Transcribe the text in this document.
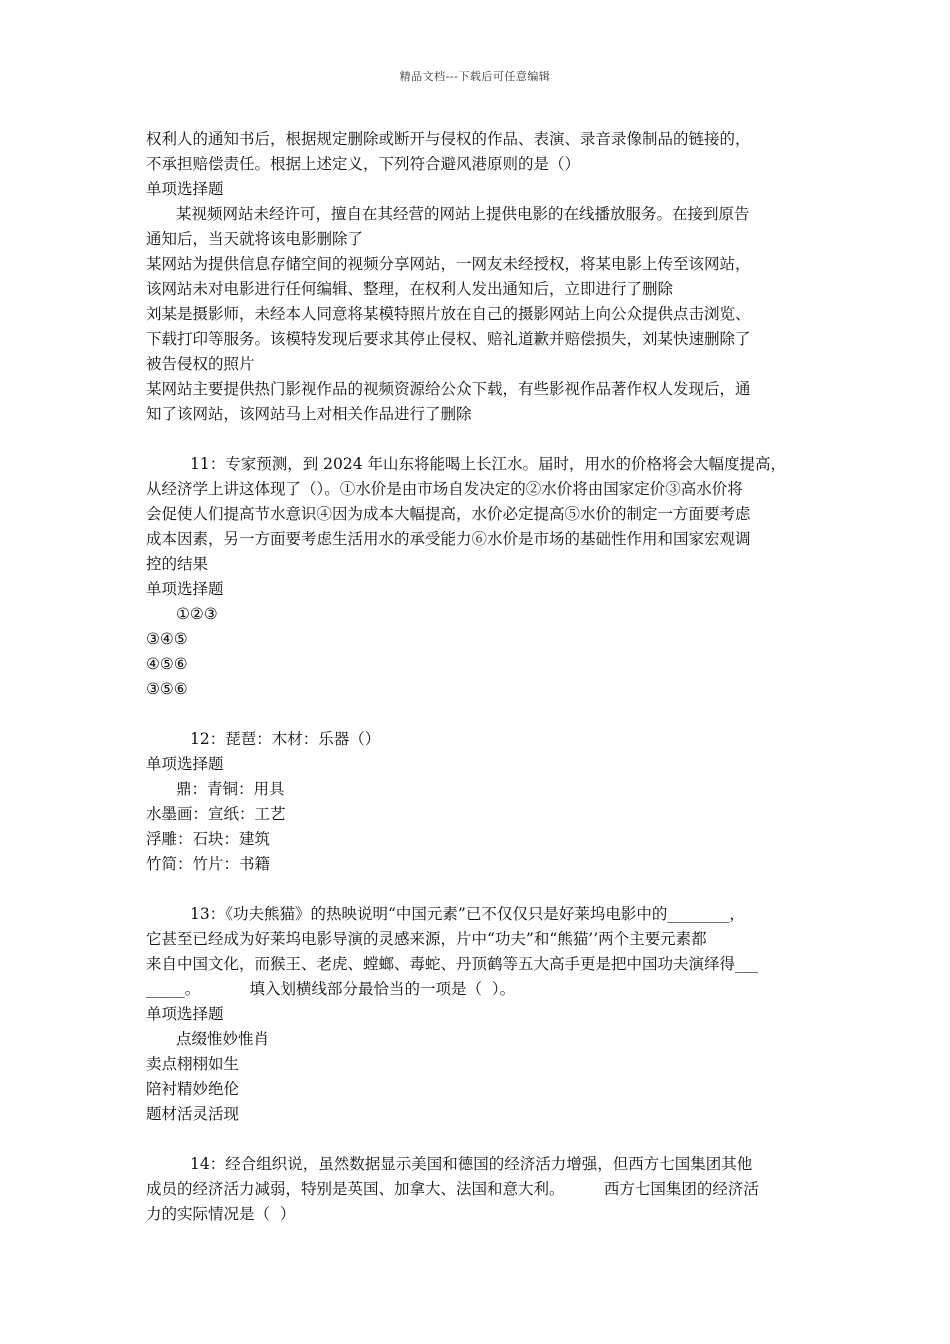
精品文档---下载后可任意编辑
权利人的通知书后，根据规定删除或断开与侵权的作品、表演、录音录像制品的链接的，
不承担赔偿责任。根据上述定义，下列符合避风港原则的是（）
单项选择题
某视频网站未经许可，擅自在其经营的网站上提供电影的在线播放服务。在接到原告
通知后，当天就将该电影删除了
某网站为提供信息存储空间的视频分享网站，一网友未经授权，将某电影上传至该网站，
该网站未对电影进行任何编辑、整理，在权利人发出通知后，立即进行了删除
刘某是摄影师，未经本人同意将某模特照片放在自己的摄影网站上向公众提供点击浏览、
下载打印等服务。该模特发现后要求其停止侵权、赔礼道歉并赔偿损失，刘某快速删除了
被告侵权的照片
某网站主要提供热门影视作品的视频资源给公众下载，有些影视作品著作权人发现后，通
知了该网站，该网站马上对相关作品进行了删除
11：专家预测，到 2024 年山东将能喝上长江水。届时，用水的价格将会大幅度提高，
从经济学上讲这体现了（）。①水价是由市场自发决定的②水价将由国家定价③高水价将
会促使人们提高节水意识④因为成本大幅提高，水价必定提高⑤水价的制定一方面要考虑
成本因素，另一方面要考虑生活用水的承受能力⑥水价是市场的基础性作用和国家宏观调
控的结果
单项选择题
①②③
③④⑤
④⑤⑥
③⑤⑥
12：琵琶：木材：乐器（）
单项选择题
鼎：青铜：用具
水墨画：宣纸：工艺
浮雕：石块：建筑
竹简：竹片：书籍
13：《功夫熊猫》的热映说明“中国元素”已不仅仅只是好莱坞电影中的________，
它甚至已经成为好莱坞电影导演的灵感来源，片中“功夫”和“熊猫’’两个主要元素都
来自中国文化，而猴王、老虎、螳螂、毒蛇、丹顶鹤等五大高手更是把中国功夫演绎得___
_____。          填入划横线部分最恰当的一项是（  ）。
单项选择题
点缀惟妙惟肖
卖点栩栩如生
陪衬精妙绝伦
题材活灵活现
14：经合组织说，虽然数据显示美国和德国的经济活力增强，但西方七国集团其他
成员的经济活力减弱，特别是英国、加拿大、法国和意大利。        西方七国集团的经济活
力的实际情况是（  ）
